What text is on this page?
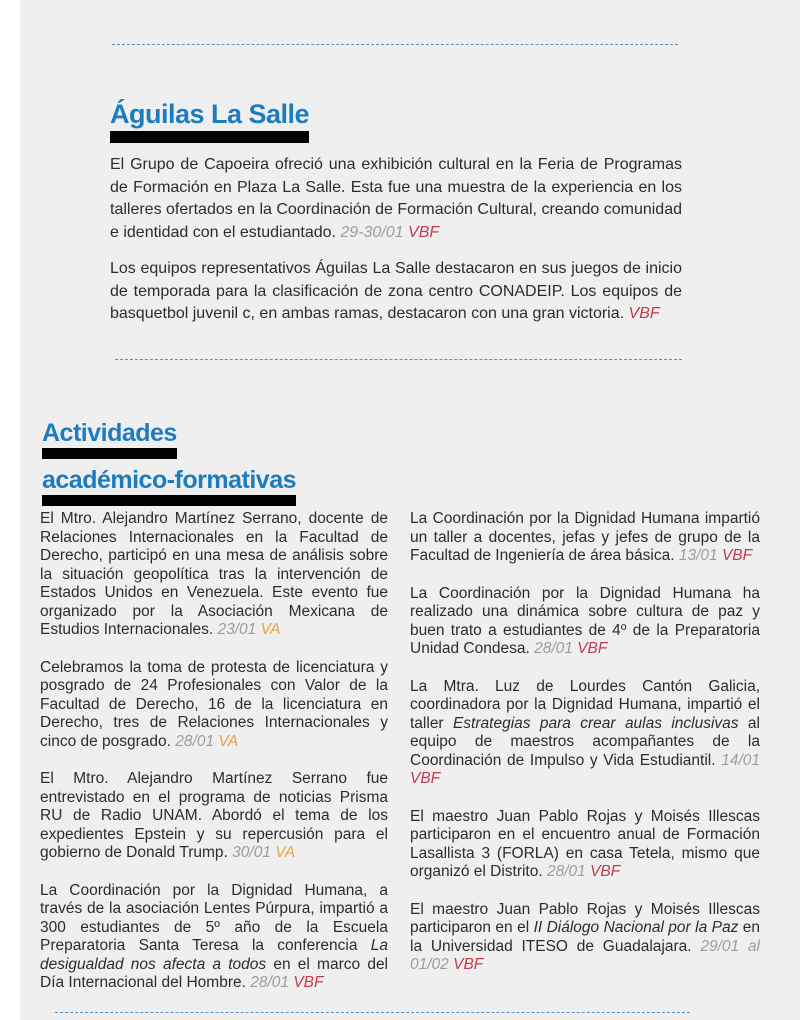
Águilas La Salle

El Grupo de Capoeira ofreció una exhibición cultural en la Feria de Programas de Formación en Plaza La Salle. Esta fue una muestra de la experiencia en los talleres ofertados en la Coordinación de Formación Cultural, creando comunidad e identidad con el estudiantado. 29-30/01 VBF

Los equipos representativos Águilas La Salle destacaron en sus juegos de inicio de temporada para la clasificación de zona centro CONADEIP. Los equipos de basquetbol juvenil c, en ambas ramas, destacaron con una gran victoria. VBF

Actividades
académico-formativas

El Mtro. Alejandro Martínez Serrano, docente de Relaciones Internacionales en la Facultad de Derecho, participó en una mesa de análisis sobre la situación geopolítica tras la intervención de Estados Unidos en Venezuela. Este evento fue organizado por la Asociación Mexicana de Estudios Internacionales. 23/01 VA

Celebramos la toma de protesta de licenciatura y posgrado de 24 Profesionales con Valor de la Facultad de Derecho, 16 de la licenciatura en Derecho, tres de Relaciones Internacionales y cinco de posgrado. 28/01 VA

El Mtro. Alejandro Martínez Serrano fue entrevistado en el programa de noticias Prisma RU de Radio UNAM. Abordó el tema de los expedientes Epstein y su repercusión para el gobierno de Donald Trump. 30/01 VA

La Coordinación por la Dignidad Humana, a través de la asociación Lentes Púrpura, impartió a 300 estudiantes de 5º año de la Escuela Preparatoria Santa Teresa la conferencia La desigualdad nos afecta a todos en el marco del Día Internacional del Hombre. 28/01 VBF

La Coordinación por la Dignidad Humana impartió un taller a docentes, jefas y jefes de grupo de la Facultad de Ingeniería de área básica. 13/01 VBF

La Coordinación por la Dignidad Humana ha realizado una dinámica sobre cultura de paz y buen trato a estudiantes de 4º de la Preparatoria Unidad Condesa. 28/01 VBF

La Mtra. Luz de Lourdes Cantón Galicia, coordinadora por la Dignidad Humana, impartió el taller Estrategias para crear aulas inclusivas al equipo de maestros acompañantes de la Coordinación de Impulso y Vida Estudiantil. 14/01 VBF

El maestro Juan Pablo Rojas y Moisés Illescas participaron en el encuentro anual de Formación Lasallista 3 (FORLA) en casa Tetela, mismo que organizó el Distrito. 28/01 VBF

El maestro Juan Pablo Rojas y Moisés Illescas participaron en el II Diálogo Nacional por la Paz en la Universidad ITESO de Guadalajara. 29/01 al 01/02 VBF
